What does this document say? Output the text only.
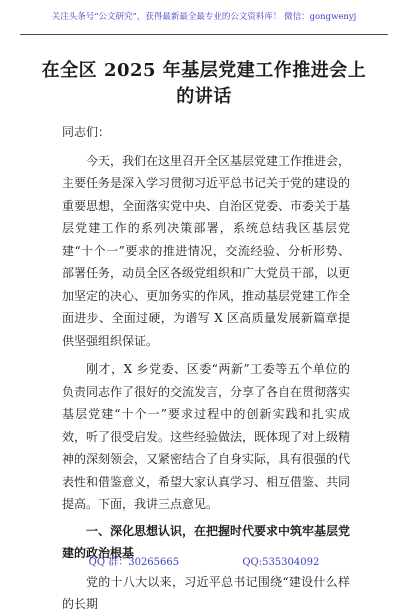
关注头条号“公文研究”，获得最新最全最专业的公文资料库！ 微信：gongwenyj
在全区 2025 年基层党建工作推进会上的讲话

同志们：

今天，我们在这里召开全区基层党建工作推进会，主要任务是深入学习贯彻习近平总书记关于党的建设的重要思想，全面落实党中央、自治区党委、市委关于基层党建工作的系列决策部署，系统总结我区基层党建“十个一”要求的推进情况，交流经验、分析形势、部署任务，动员全区各级党组织和广大党员干部，以更加坚定的决心、更加务实的作风，推动基层党建工作全面进步、全面过硬，为谱写 X 区高质量发展新篇章提供坚强组织保证。

刚才，X 乡党委、区委“两新”工委等五个单位的负责同志作了很好的交流发言，分享了各自在贯彻落实基层党建“十个一”要求过程中的创新实践和扎实成效，听了很受启发。这些经验做法，既体现了对上级精神的深刻领会，又紧密结合了自身实际，具有很强的代表性和借鉴意义，希望大家认真学习、相互借鉴、共同提高。下面，我讲三点意见。

一、深化思想认识，在把握时代要求中筑牢基层党建的政治根基

党的十八大以来，习近平总书记围绕“建设什么样的长期

QQ 群：30265665	QQ:535304092
